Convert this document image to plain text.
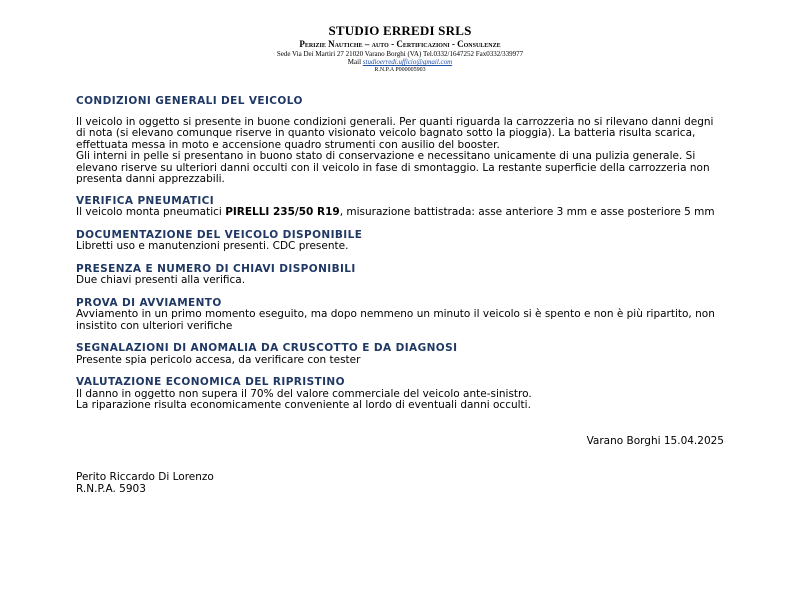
STUDIO ERREDI SRLS
Perizie Nautiche – auto - Certificazioni - Consulenze
Sede Via Dei Martiri 27 21020 Varano Borghi (VA) Tel.0332/1647252 Fax0332/339977
Mail studioerredi.ufficio@gmail.com
R.N.P.A P000005903
CONDIZIONI GENERALI DEL VEICOLO
Il veicolo in oggetto si presente in buone condizioni generali. Per quanti riguarda la carrozzeria no si rilevano danni degni di nota (si elevano comunque riserve in quanto visionato veicolo bagnato sotto la pioggia). La batteria risulta scarica, effettuata messa in moto e accensione quadro strumenti con ausilio del booster.
Gli interni in pelle si presentano in buono stato di conservazione e necessitano unicamente di una pulizia generale. Si elevano riserve su ulteriori danni occulti con il veicolo in fase di smontaggio. La restante superficie della carrozzeria non presenta danni apprezzabili.
VERIFICA PNEUMATICI
Il veicolo monta pneumatici PIRELLI 235/50 R19, misurazione battistrada: asse anteriore 3 mm e asse posteriore 5 mm
DOCUMENTAZIONE DEL VEICOLO DISPONIBILE
Libretti uso e manutenzioni presenti. CDC presente.
PRESENZA E NUMERO DI CHIAVI DISPONIBILI
Due chiavi presenti alla verifica.
PROVA DI AVVIAMENTO
Avviamento in un primo momento eseguito, ma dopo nemmeno un minuto il veicolo si è spento e non è più ripartito, non insistito con ulteriori verifiche
SEGNALAZIONI DI ANOMALIA DA CRUSCOTTO E DA DIAGNOSI
Presente spia pericolo accesa, da verificare con tester
VALUTAZIONE ECONOMICA DEL RIPRISTINO
Il danno in oggetto non supera il 70% del valore commerciale del veicolo ante-sinistro.
La riparazione risulta economicamente conveniente al lordo di eventuali danni occulti.
Varano Borghi 15.04.2025
Perito Riccardo Di Lorenzo
R.N.P.A. 5903
